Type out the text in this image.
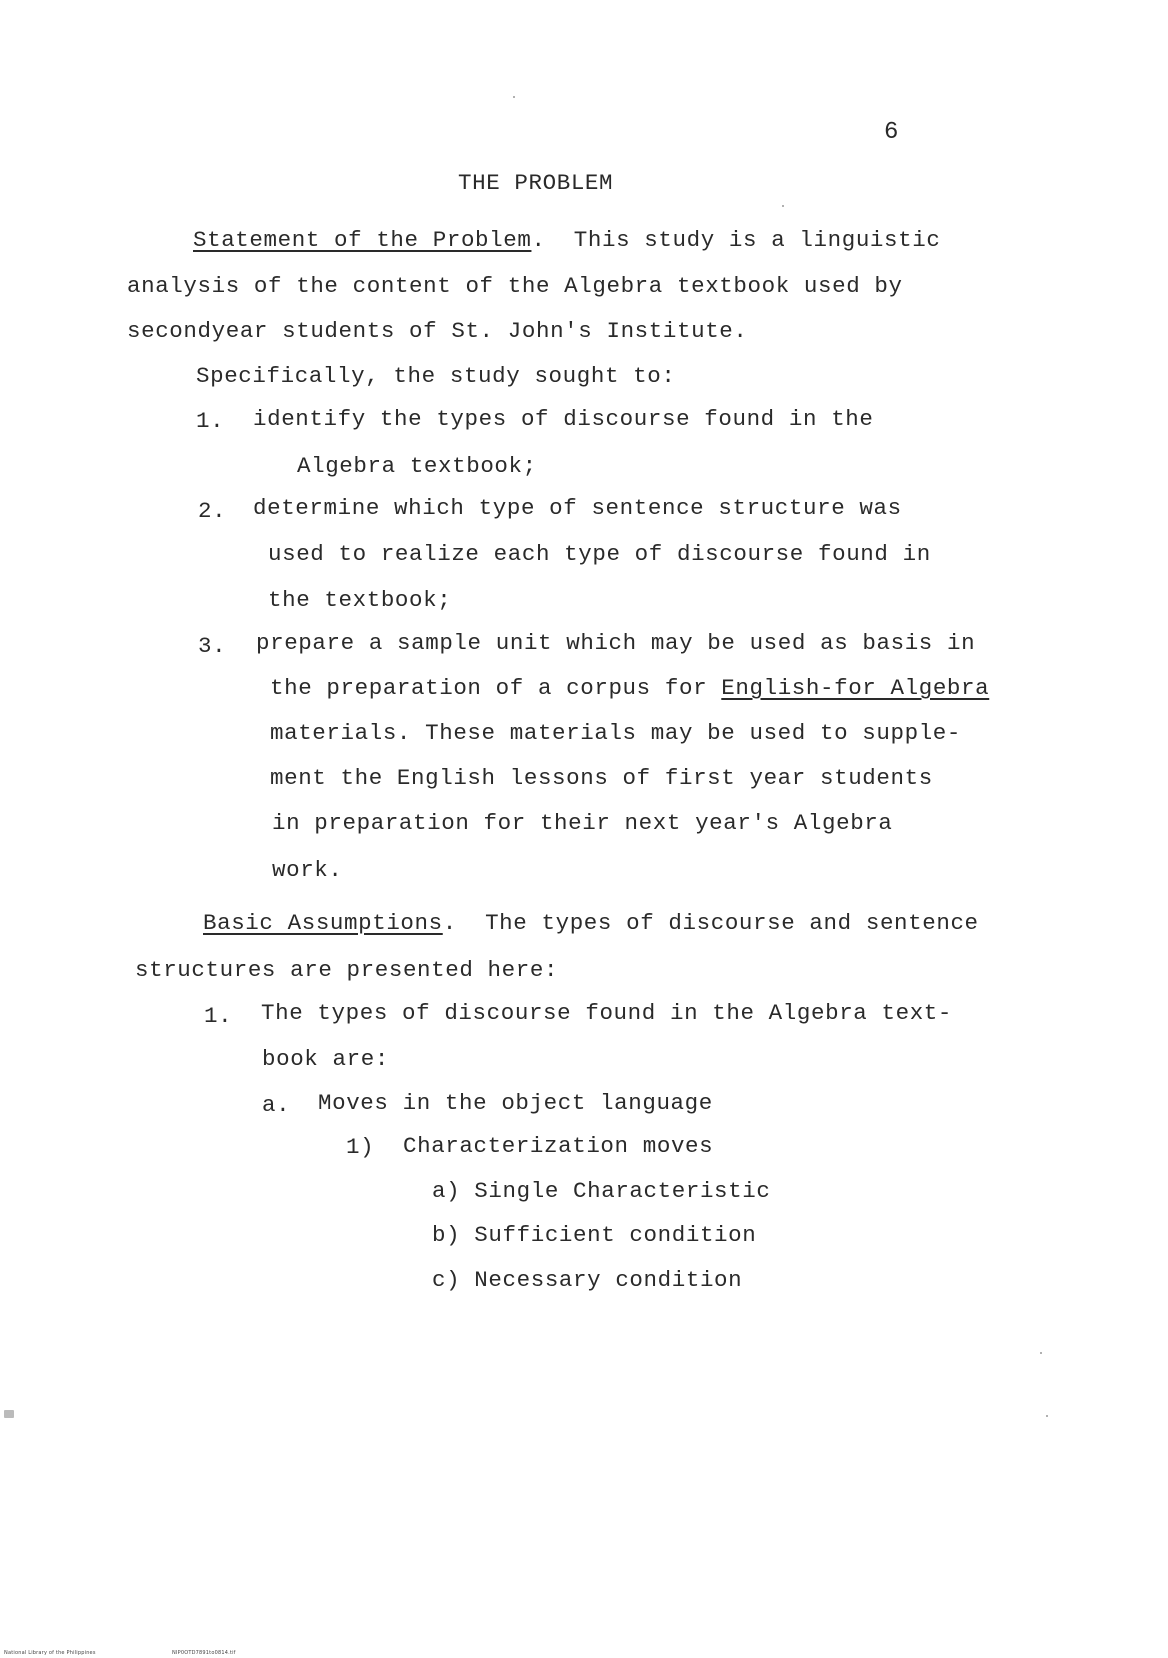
6
THE PROBLEM
Statement of the Problem. This study is a linguistic
analysis of the content of the Algebra textbook used by
secondyear students of St. John's Institute.
Specifically, the study sought to:
1. identify the types of discourse found in the
Algebra textbook;
2. determine which type of sentence structure was
used to realize each type of discourse found in
the textbook;
3. prepare a sample unit which may be used as basis in
the preparation of a corpus for English-for Algebra
materials. These materials may be used to supple-
ment the English lessons of first year students
in preparation for their next year's Algebra
work.
Basic Assumptions. The types of discourse and sentence
structures are presented here:
1. The types of discourse found in the Algebra text-
book are:
a. Moves in the object language
1) Characterization moves
a) Single Characteristic
b) Sufficient condition
c) Necessary condition
National Library of the Philippines	NIP0OTD7891to0814.tif
